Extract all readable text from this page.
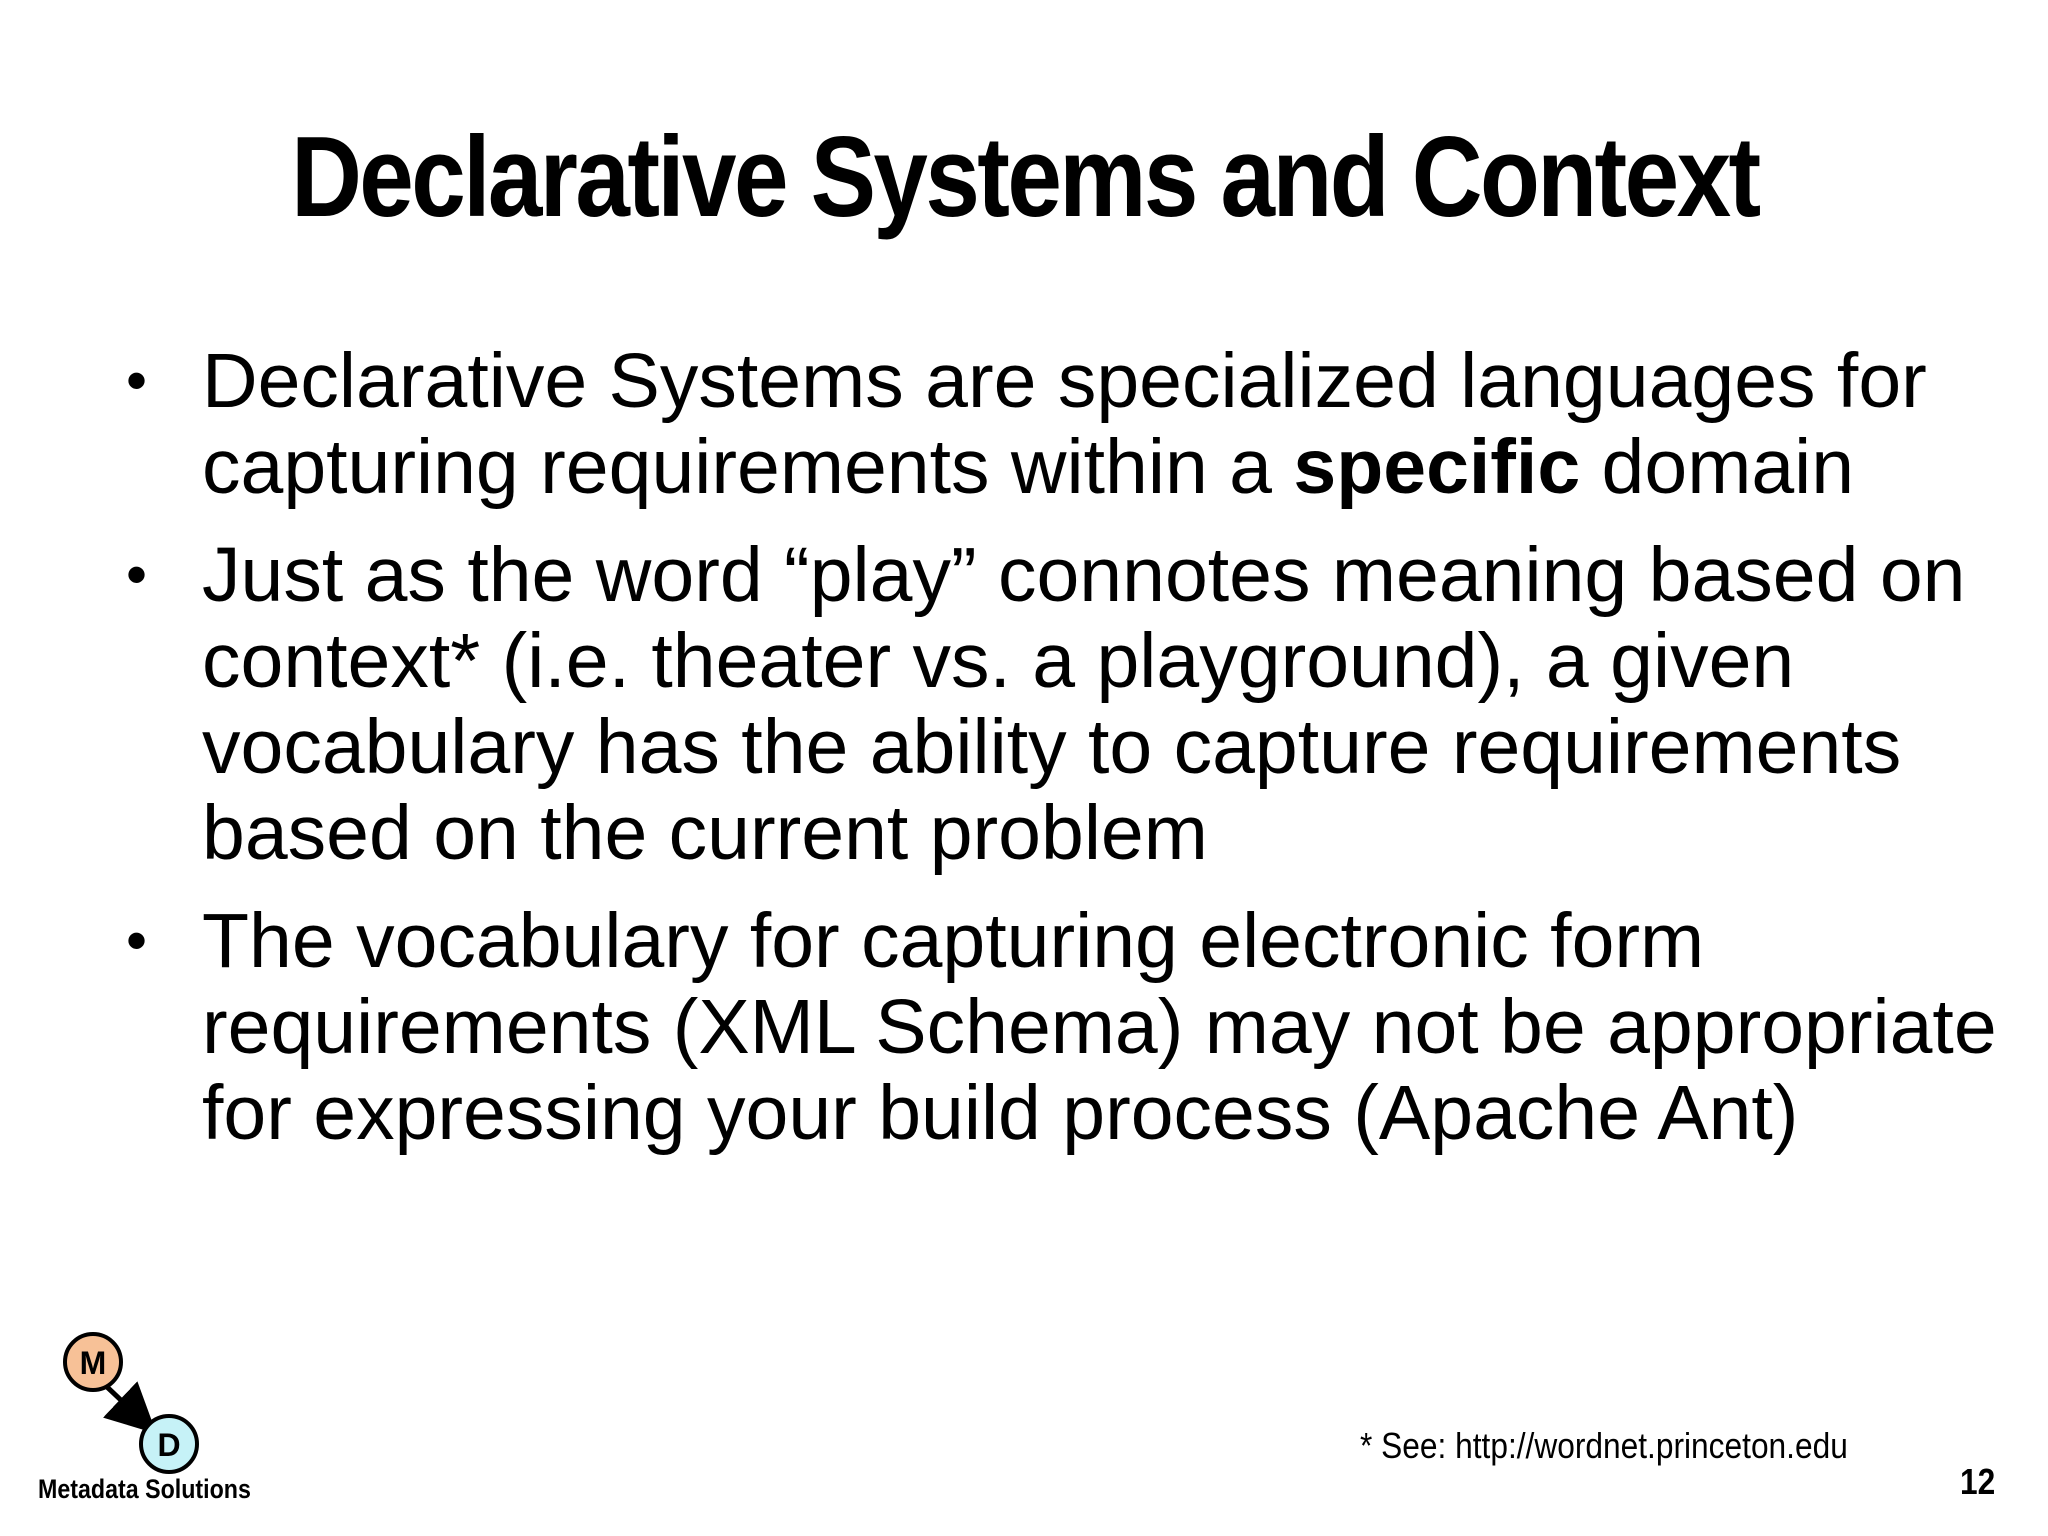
Declarative Systems and Context
• Declarative Systems are specialized languages for capturing requirements within a specific domain
• Just as the word “play” connotes meaning based on context* (i.e. theater vs. a playground), a given vocabulary has the ability to capture requirements based on the current problem
• The vocabulary for capturing electronic form requirements (XML Schema) may not be appropriate for expressing your build process (Apache Ant)
M
D
Metadata Solutions
* See: http://wordnet.princeton.edu
12
